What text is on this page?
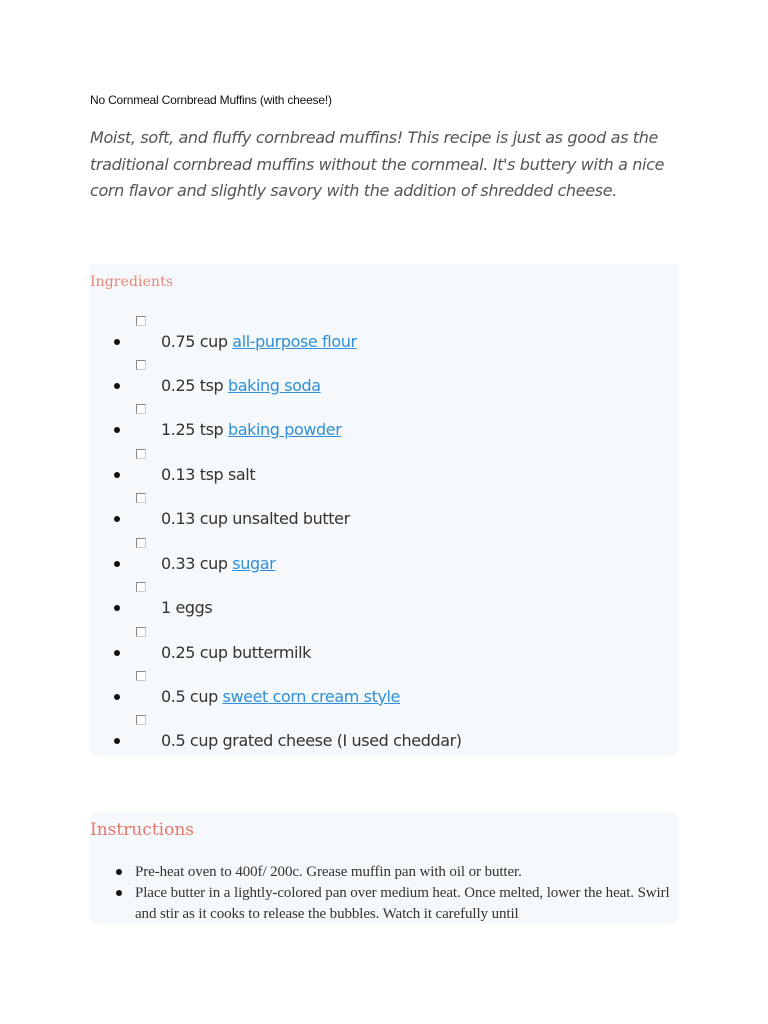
No Cornmeal Cornbread Muffins (with cheese!)

Moist, soft, and fluffy cornbread muffins! This recipe is just as good as the traditional cornbread muffins without the cornmeal. It's buttery with a nice corn flavor and slightly savory with the addition of shredded cheese.

Ingredients
0.75 cup all-purpose flour
0.25 tsp baking soda
1.25 tsp baking powder
0.13 tsp salt
0.13 cup unsalted butter
0.33 cup sugar
1 eggs
0.25 cup buttermilk
0.5 cup sweet corn cream style
0.5 cup grated cheese (I used cheddar)
Instructions
Pre-heat oven to 400f/ 200c. Grease muffin pan with oil or butter.
Place butter in a lightly-colored pan over medium heat. Once melted, lower the heat. Swirl and stir as it cooks to release the bubbles. Watch it carefully until
